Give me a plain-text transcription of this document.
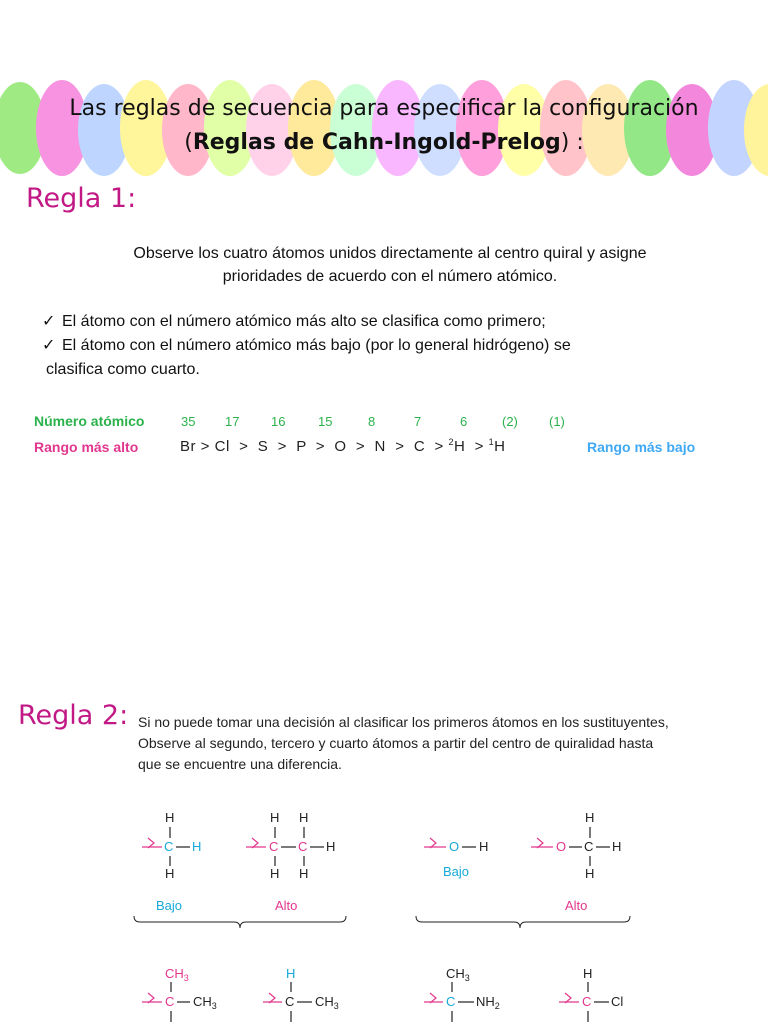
Las reglas de secuencia para especificar la configuración
(Reglas de Cahn-Ingold-Prelog) :
Regla 1:
Observe los cuatro átomos unidos directamente al centro quiral y asigne
prioridades de acuerdo con el número atómico.
✓ El átomo con el número atómico más alto se clasifica como primero;
✓ El átomo con el número atómico más bajo (por lo general hidrógeno) se
clasifica como cuarto.
Número atómico	35 17 16	15	8	7	6	(2) (1)
Rango más alto	Br > Cl > S > P > O > N > C > $^2$H > $^1$H	Rango más bajo
Regla 2: Si no puede tomar una decisión al clasificar los primeros átomos en los sustituyentes,
Observe al segundo, tercero y cuarto átomos a partir del centro de quiralidad hasta
que se encuentre una diferencia.
H
C H
H
H H
C C H
H H
Bajo	Alto
O H
Bajo
H
O C H
H
Alto
$CH_3$
C $CH_3$
H
C $CH_3$
$CH_3$
C $NH_2$
H
C Cl
